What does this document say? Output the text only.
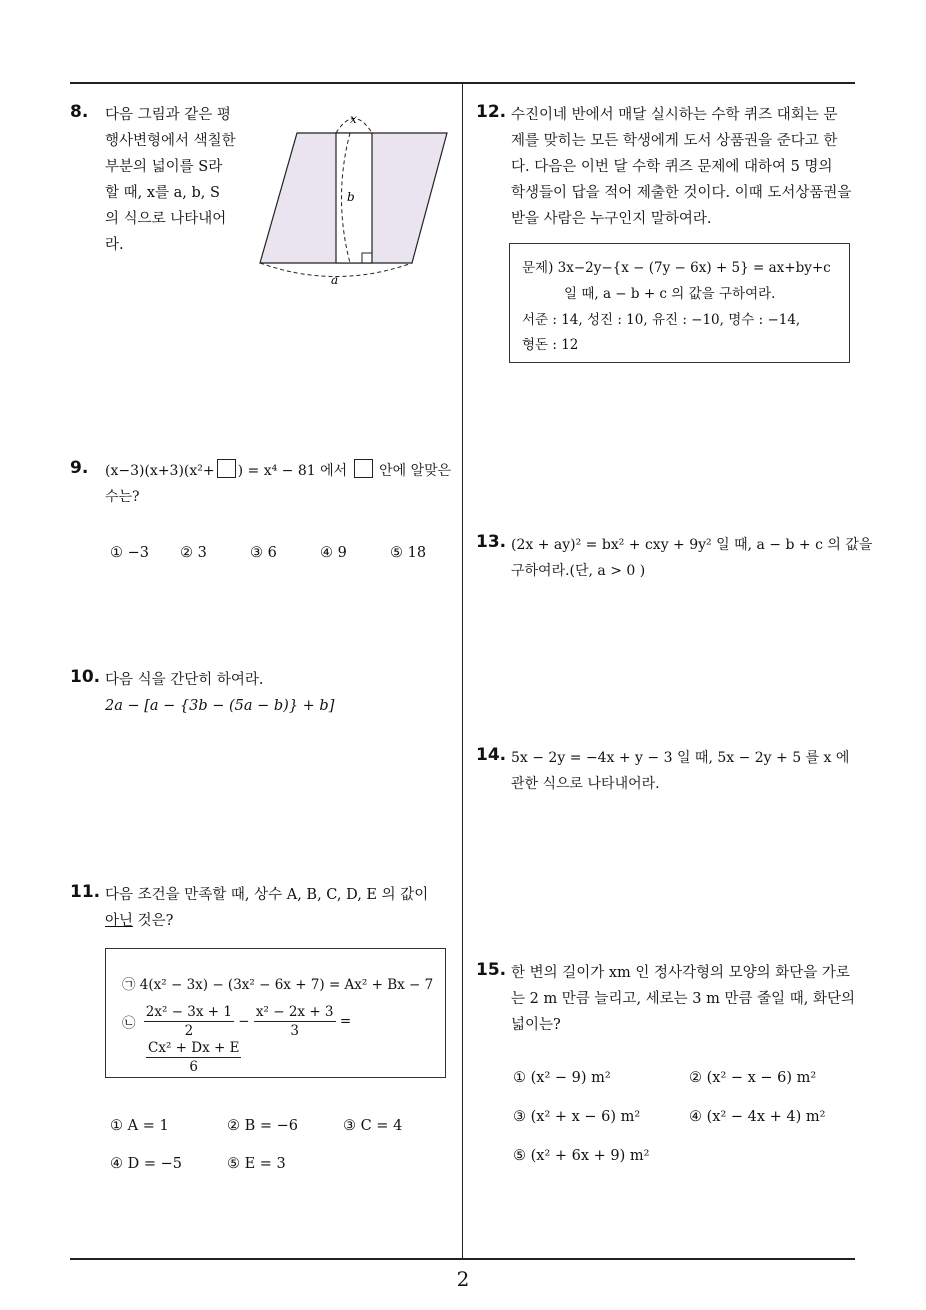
2
8. 다음 그림과 같은 평
행사변형에서 색칠한
부분의 넓이를 S라
할 때, x를 a, b, S
의 식으로 나타내어
라.
x
b
a
9. (x−3)(x+3)(x²+ ) = x⁴ − 81 에서 안에 알맞은
수는?
① −3 ② 3	③ 6	④ 9	⑤ 18
10. 다음 식을 간단히 하여라.
2a − [a − {3b − (5a − b)} + b]
11. 다음 조건을 만족할 때, 상수 A, B, C, D, E 의 값이
아닌 것은?
㉠ 4(x² − 3x) − (3x² − 6x + 7) = Ax² + Bx − 7
㉡ $\frac{\text{2x² − 3x + 1}}{2} - \frac{\text{x² − 2x + 3}}{3}$ =
$\frac{\text{Cx² + Dx + E}}{6}$
① A = 1	② B = −6	③ C = 4
④ D = −5	⑤ E = 3
12. 수진이네 반에서 매달 실시하는 수학 퀴즈 대회는 문
제를 맞히는 모든 학생에게 도서 상품권을 준다고 한
다. 다음은 이번 달 수학 퀴즈 문제에 대하여 5 명의
학생들이 답을 적어 제출한 것이다. 이때 도서상품권을
받을 사람은 누구인지 말하여라.
문제) 3x−2y−{x − (7y − 6x) + 5} = ax+by+c
일 때, a − b + c 의 값을 구하여라.
서준 : 14, 성진 : 10, 유진 : −10, 명수 : −14,
형돈 : 12
13. (2x + ay)² = bx² + cxy + 9y² 일 때, a − b + c 의 값을
구하여라.(단, a > 0 )
14. 5x − 2y = −4x + y − 3 일 때, 5x − 2y + 5 를 x 에
관한 식으로 나타내어라.
15. 한 변의 길이가 xm 인 정사각형의 모양의 화단을 가로
는 2 m 만큼 늘리고, 세로는 3 m 만큼 줄일 때, 화단의
넓이는?
① (x² − 9) m²	② (x² − x − 6) m²
③ (x² + x − 6) m²	④ (x² − 4x + 4) m²
⑤ (x² + 6x + 9) m²
